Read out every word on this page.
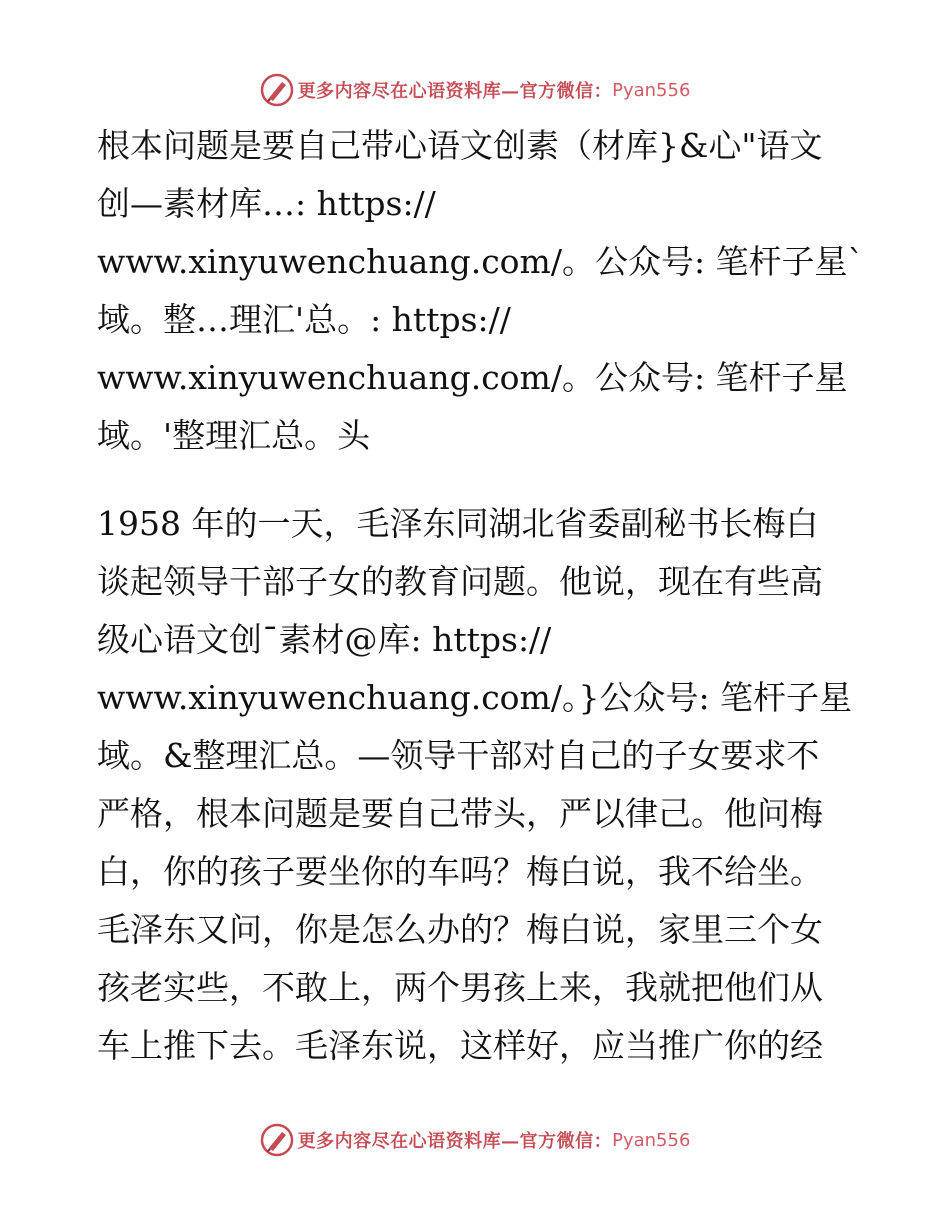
更多内容尽在心语资料库—官方微信： Pyan556
根本问题是要自己带心语文创素（材库}&心"语文
创—素材库…: https://
www.xinyuwenchuang.com/。公众号: 笔杆子星`
域。整…理汇'总。: https://
www.xinyuwenchuang.com/。公众号: 笔杆子星
域。'整理汇总。头
1958 年的一天，毛泽东同湖北省委副秘书长梅白
谈起领导干部子女的教育问题。他说，现在有些高
级心语文创¯素材@库: https://
www.xinyuwenchuang.com/。}公众号: 笔杆子星
域。&整理汇总。—领导干部对自己的子女要求不
严格，根本问题是要自己带头，严以律己。他问梅
白，你的孩子要坐你的车吗？梅白说，我不给坐。
毛泽东又问，你是怎么办的？梅白说，家里三个女
孩老实些，不敢上，两个男孩上来，我就把他们从
车上推下去。毛泽东说，这样好，应当推广你的经
更多内容尽在心语资料库—官方微信： Pyan556
